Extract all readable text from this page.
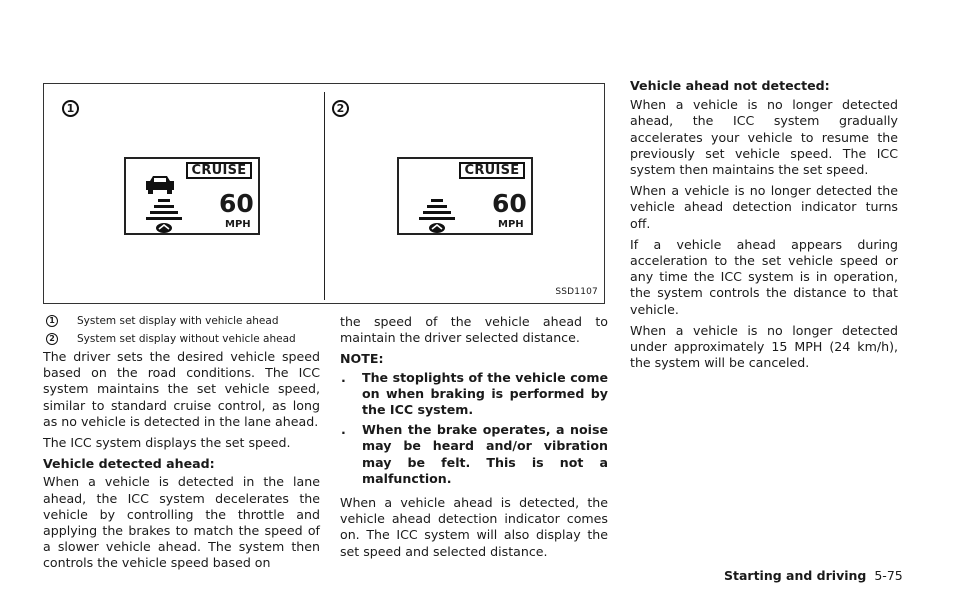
1	2
CRUISE
60
MPH
CRUISE
60
MPH
SSD1107
1	System set display with vehicle ahead
2	System set display without vehicle ahead

The driver sets the desired vehicle speed based on the road conditions. The ICC system maintains the set vehicle speed, similar to standard cruise control, as long as no vehicle is detected in the lane ahead.

The ICC system displays the set speed.

Vehicle detected ahead:

When a vehicle is detected in the lane ahead, the ICC system decelerates the vehicle by controlling the throttle and applying the brakes to match the speed of a slower vehicle ahead. The system then controls the vehicle speed based on

the speed of the vehicle ahead to maintain the driver selected distance.

NOTE:

. The stoplights of the vehicle come on when braking is performed by the ICC system.
. When the brake operates, a noise may be heard and/or vibration may be felt. This is not a malfunction.

When a vehicle ahead is detected, the vehicle ahead detection indicator comes on. The ICC system will also display the set speed and selected distance.

Vehicle ahead not detected:

When a vehicle is no longer detected ahead, the ICC system gradually accelerates your vehicle to resume the previously set vehicle speed. The ICC system then maintains the set speed.

When a vehicle is no longer detected the vehicle ahead detection indicator turns off.

If a vehicle ahead appears during acceleration to the set vehicle speed or any time the ICC system is in operation, the system controls the distance to that vehicle.

When a vehicle is no longer detected under approximately 15 MPH (24 km/h), the system will be canceled.

Starting and driving 5-75
